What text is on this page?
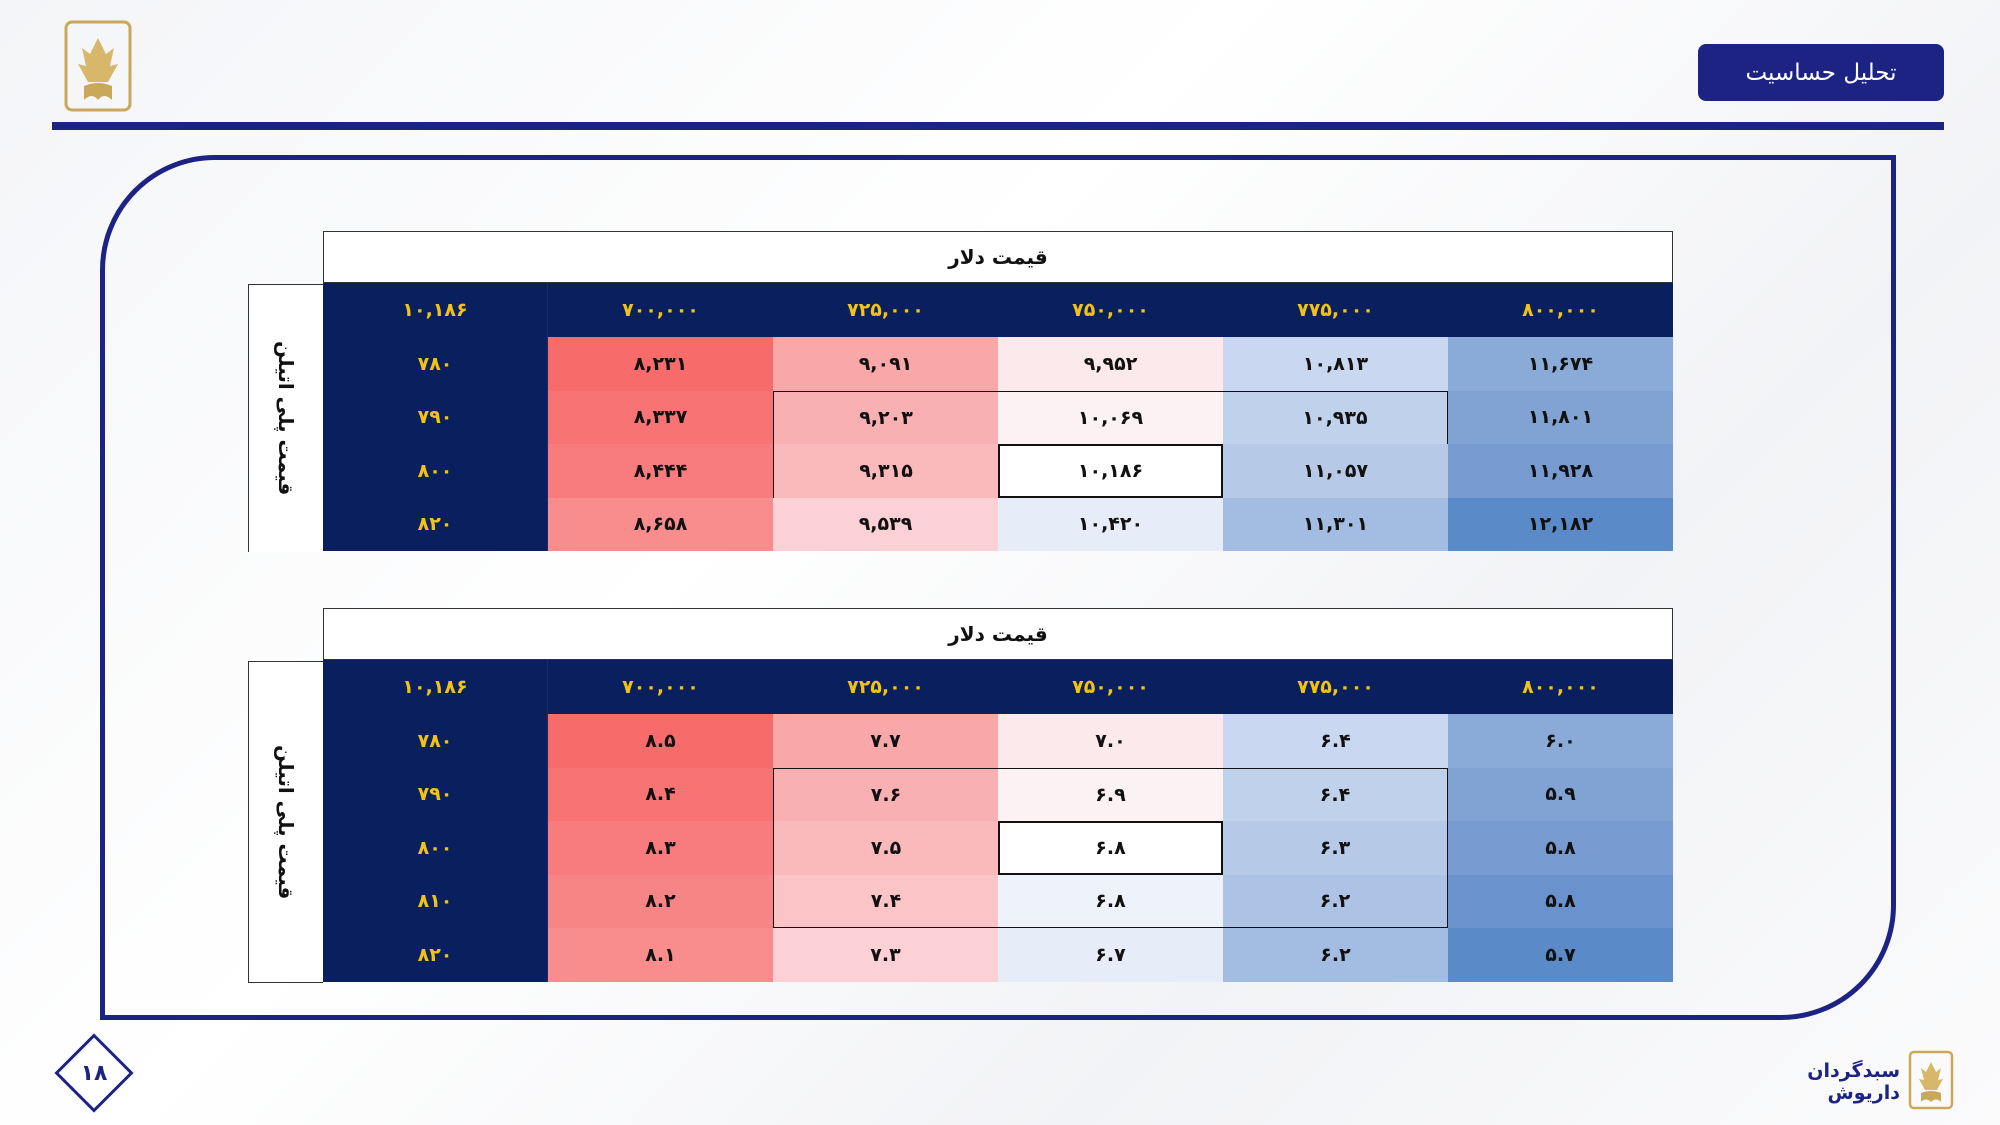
تحلیل حساسیت
قیمت دلار
قیمت پلی اتیلن
۱۰,۱۸۶	۷۰۰,۰۰۰	۷۲۵,۰۰۰	۷۵۰,۰۰۰	۷۷۵,۰۰۰	۸۰۰,۰۰۰
۷۸۰	۸,۲۳۱	۹,۰۹۱	۹,۹۵۲	۱۰,۸۱۳	۱۱,۶۷۴
۷۹۰	۸,۳۳۷	۹,۲۰۳	۱۰,۰۶۹	۱۰,۹۳۵	۱۱,۸۰۱
۸۰۰	۸,۴۴۴	۹,۳۱۵	۱۰,۱۸۶	۱۱,۰۵۷	۱۱,۹۲۸
۸۲۰	۸,۶۵۸	۹,۵۳۹	۱۰,۴۲۰	۱۱,۳۰۱	۱۲,۱۸۲
قیمت دلار
قیمت پلی اتیلن
۱۰,۱۸۶	۷۰۰,۰۰۰	۷۲۵,۰۰۰	۷۵۰,۰۰۰	۷۷۵,۰۰۰	۸۰۰,۰۰۰
۷۸۰	۸.۵	۷.۷	۷.۰	۶.۴	۶.۰
۷۹۰	۸.۴	۷.۶	۶.۹	۶.۴	۵.۹
۸۰۰	۸.۳	۷.۵	۶.۸	۶.۳	۵.۸
۸۱۰	۸.۲	۷.۴	۶.۸	۶.۲	۵.۸
۸۲۰	۸.۱	۷.۳	۶.۷	۶.۲	۵.۷
۱۸	سبدگردان داریوش
